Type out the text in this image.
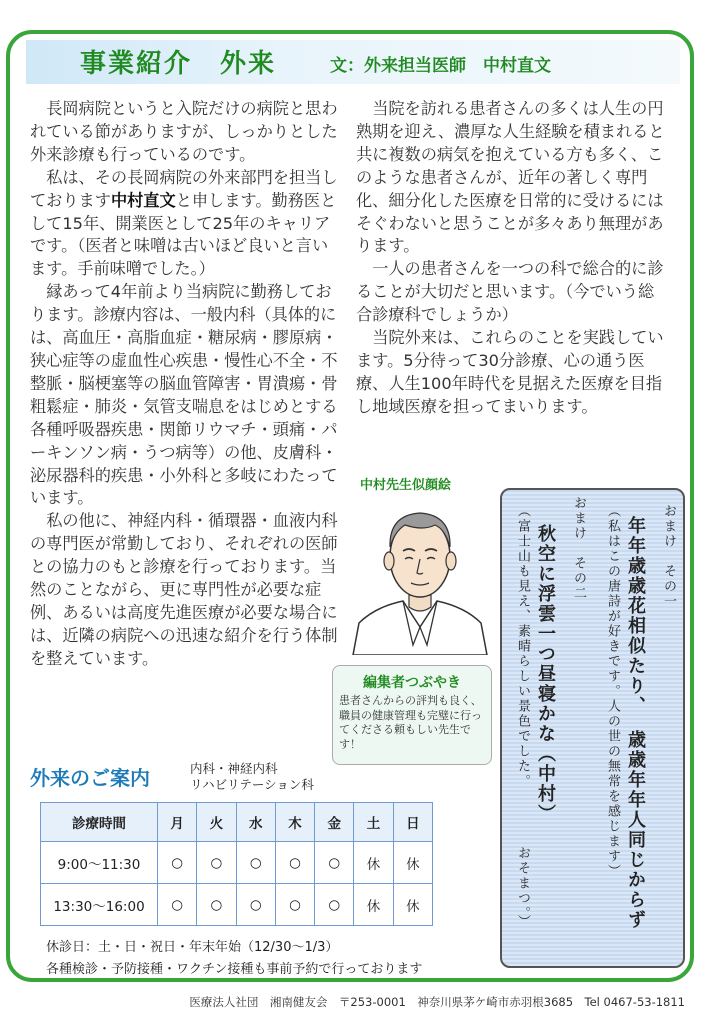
事業紹介　外来	文：外来担当医師　中村直文

長岡病院というと入院だけの病院と思われている節がありますが、しっかりとした外来診療も行っているのです。

私は、その長岡病院の外来部門を担当しております中村直文と申します。勤務医として15年、開業医として25年のキャリアです。（医者と味噌は古いほど良いと言います。手前味噌でした。）

縁あって4年前より当病院に勤務しております。診療内容は、一般内科（具体的には、高血圧・高脂血症・糖尿病・膠原病・狭心症等の虚血性心疾患・慢性心不全・不整脈・脳梗塞等の脳血管障害・胃潰瘍・骨粗鬆症・肺炎・気管支喘息をはじめとする各種呼吸器疾患・関節リウマチ・頭痛・パーキンソン病・うつ病等）の他、皮膚科・泌尿器科的疾患・小外科と多岐にわたっています。

私の他に、神経内科・循環器・血液内科の専門医が常勤しており、それぞれの医師との協力のもと診療を行っております。当然のことながら、更に専門性が必要な症例、あるいは高度先進医療が必要な場合には、近隣の病院への迅速な紹介を行う体制を整えています。

当院を訪れる患者さんの多くは人生の円熟期を迎え、濃厚な人生経験を積まれると共に複数の病気を抱えている方も多く、このような患者さんが、近年の著しく専門化、細分化した医療を日常的に受けるにはそぐわないと思うことが多々あり無理があります。

一人の患者さんを一つの科で総合的に診ることが大切だと思います。（今でいう総合診療科でしょうか）

当院外来は、これらのことを実践しています。5分待って30分診療、心の通う医療、人生100年時代を見据えた医療を目指し地域医療を担ってまいります。

中村先生似顔絵
編集者つぶやき
患者さんからの評判も良く、職員の健康管理も完璧に行ってくださる頼もしい先生です！
おまけ　その一
年年歳歳花相似たり、
歳歳年年人同じからず
（私はこの唐詩が好きです。人の世の無常を感じます）
おまけ　その二
秋空に浮雲一つ昼寝かな（中村）
（富士山も見え、素晴らしい景色でした。
おそまつ。）
外来のご案内	内科・神経内科
リハビリテーション科
診療時間	月	火	水	木	金	土	日
9:00〜11:30	○	○	○	○	○	休	休
13:30〜16:00	○	○	○	○	○	休	休
休診日：土・日・祝日・年末年始（12/30〜1/3）
各種検診・予防接種・ワクチン接種も事前予約で行っております
医療法人社団　湘南健友会　〒253-0001　神奈川県茅ケ崎市赤羽根3685　Tel 0467-53-1811
